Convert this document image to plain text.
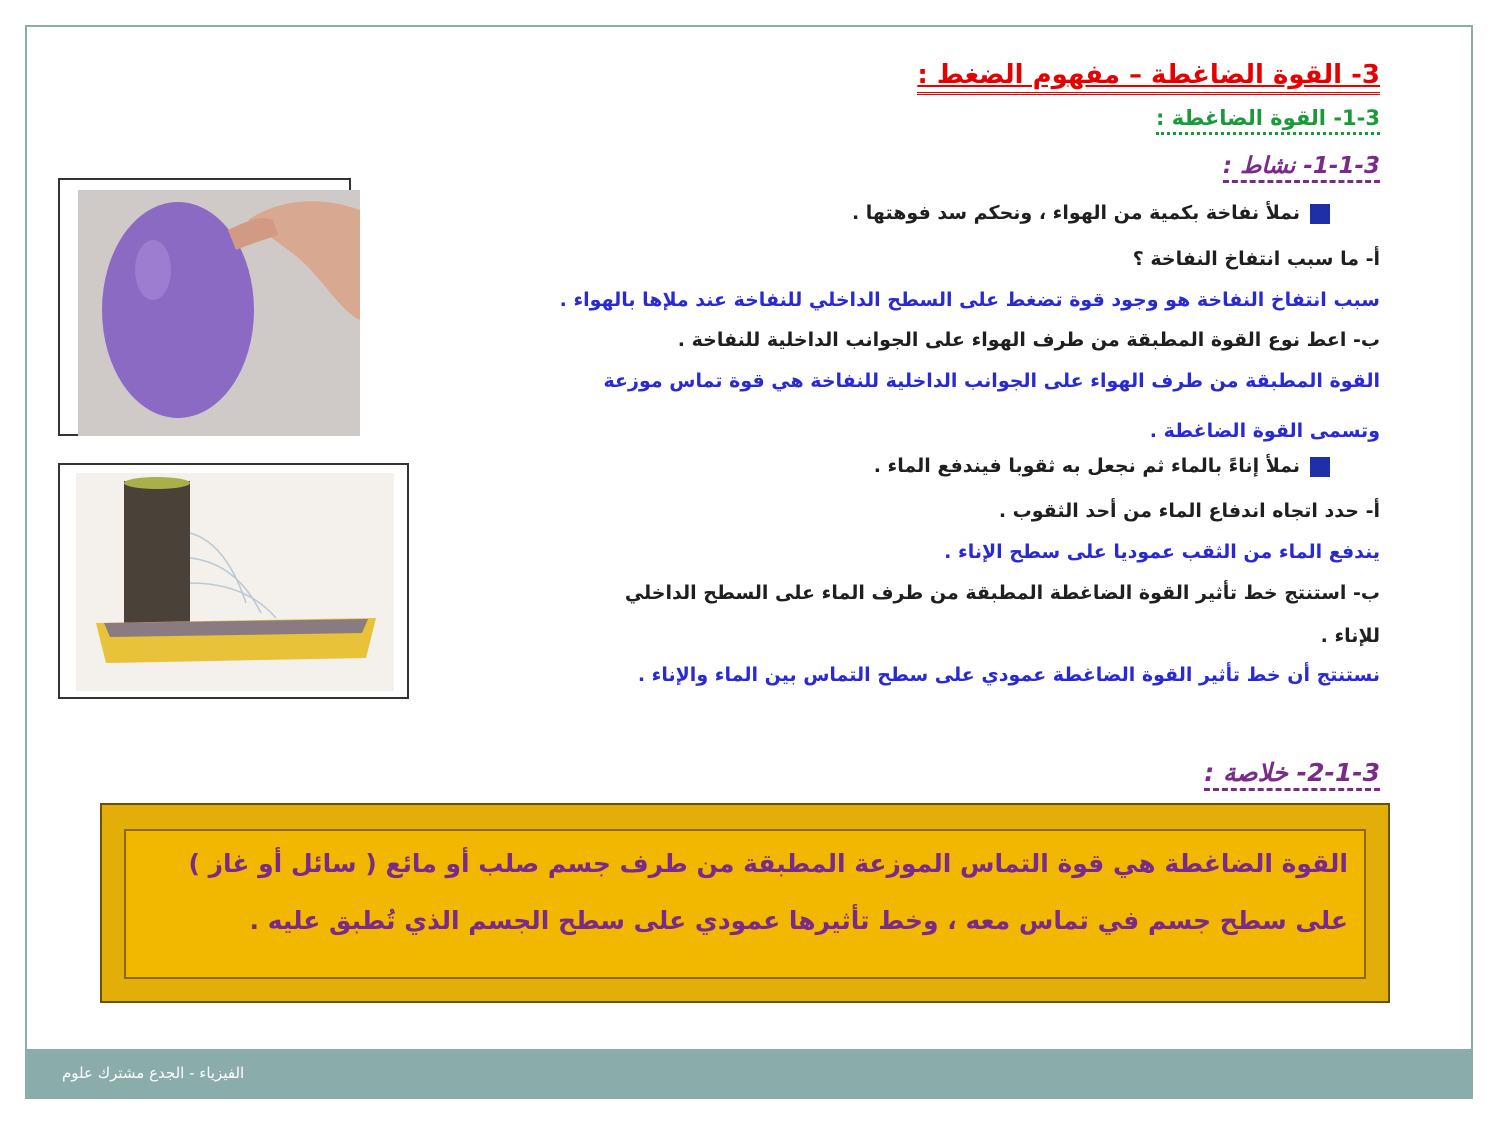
الفيزياء - الجدع مشترك علوم
3- القوة الضاغطة – مفهوم الضغط :
1-3- القوة الضاغطة :
1-1-3- نشاط :
نملأ نفاخة بكمية من الهواء ، ونحكم سد فوهتها .
أ- ما سبب انتفاخ النفاخة ؟
سبب انتفاخ النفاخة هو وجود قوة تضغط على السطح الداخلي للنفاخة عند ملإها بالهواء .
ب- اعط نوع القوة المطبقة من طرف الهواء على الجوانب الداخلية للنفاخة .
القوة المطبقة من طرف الهواء على الجوانب الداخلية للنفاخة هي قوة تماس موزعة
وتسمى القوة الضاغطة .
نملأ إناءً بالماء ثم نجعل به ثقوبا فيندفع الماء .
أ- حدد اتجاه اندفاع الماء من أحد الثقوب .
يندفع الماء من الثقب عموديا على سطح الإناء .
ب- استنتج خط تأثير القوة الضاغطة المطبقة من طرف الماء على السطح الداخلي
للإناء .
نستنتج أن خط تأثير القوة الضاغطة عمودي على سطح التماس بين الماء والإناء .
2-1-3- خلاصة :
القوة الضاغطة هي قوة التماس الموزعة المطبقة من طرف جسم صلب أو مائع ( سائل أو غاز )
على سطح جسم في تماس معه ، وخط تأثيرها عمودي على سطح الجسم الذي تُطبق عليه .
